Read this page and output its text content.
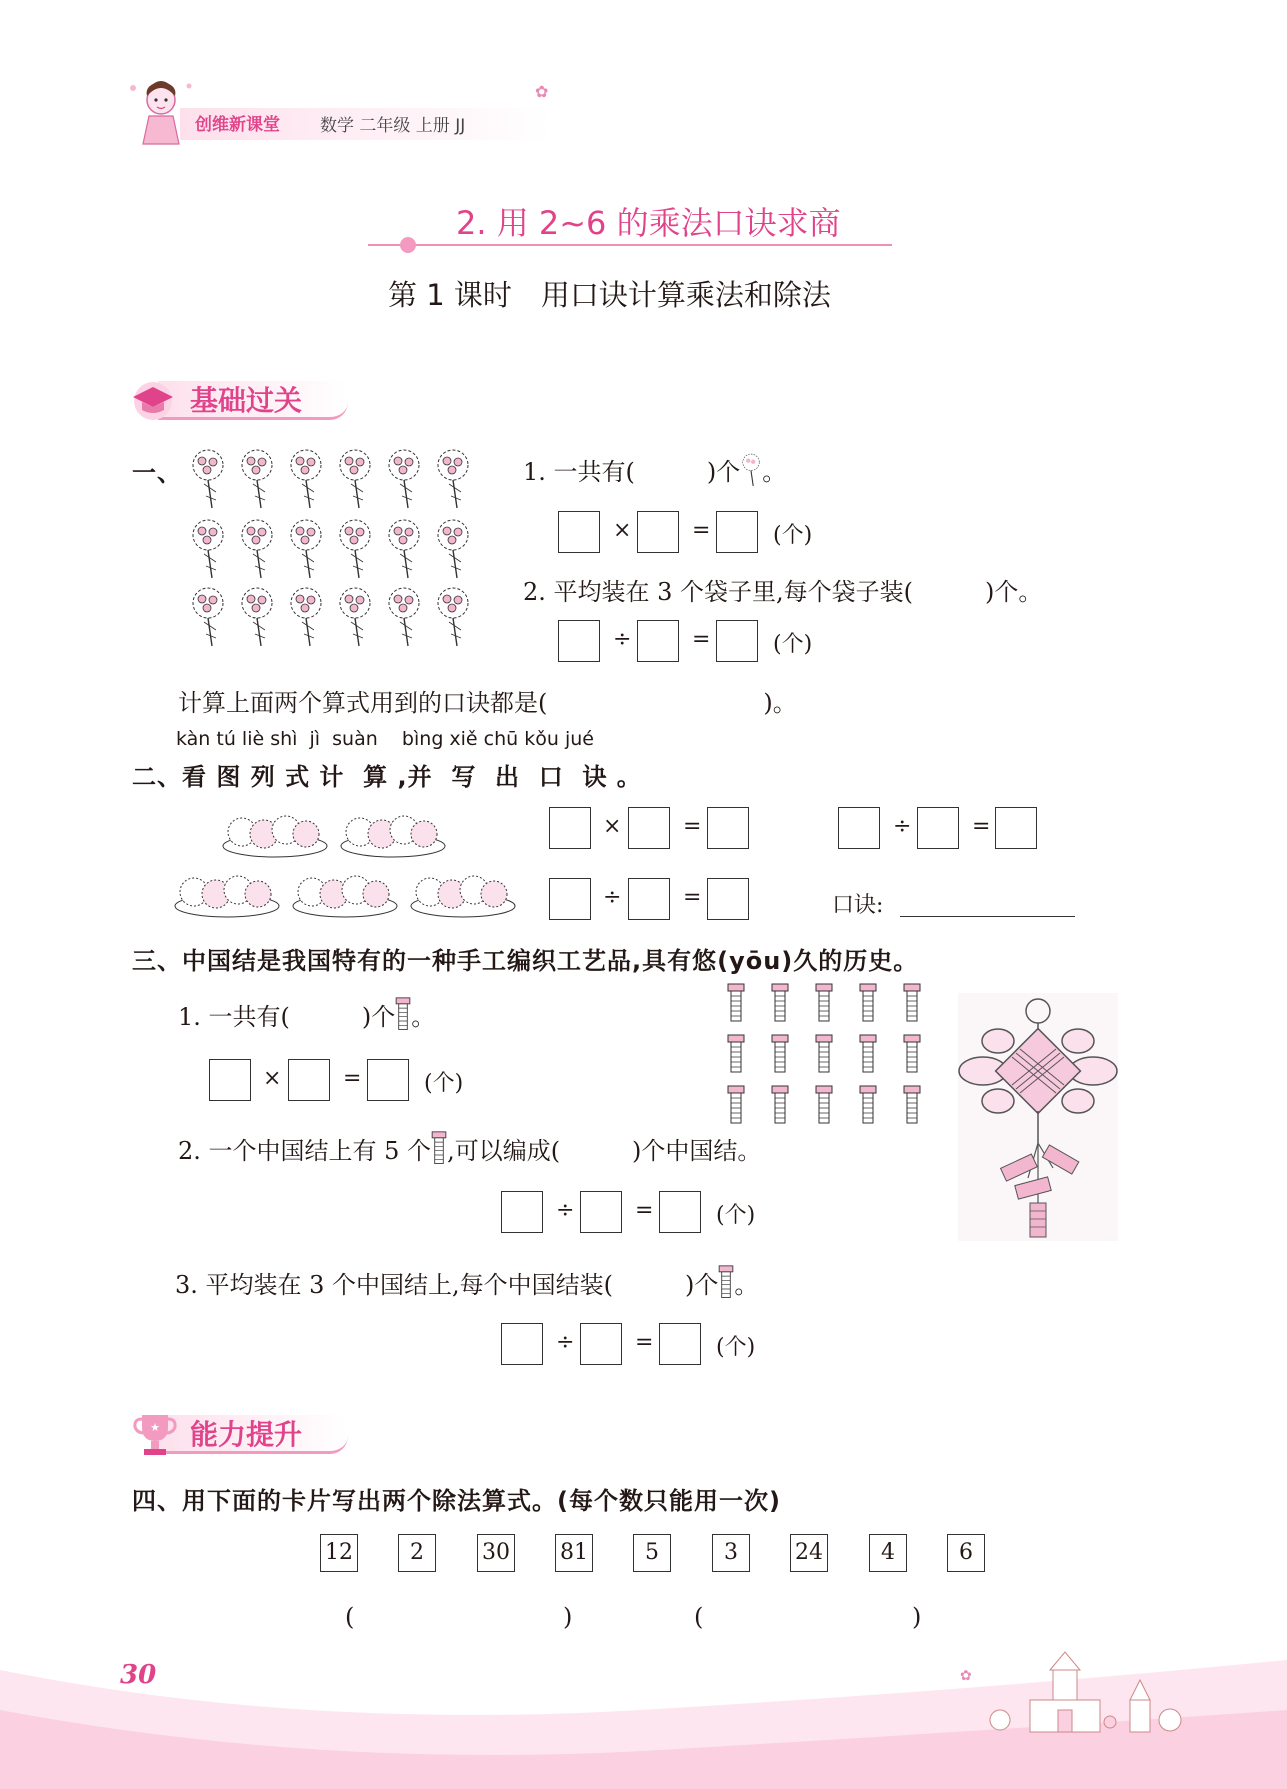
创维新课堂 数学 二年级 上册 JJ
✿
2. 用 2~6 的乘法口诀求商
第 1 课时　用口诀计算乘法和除法
基础过关
一、	1. 一共有(　　　)个 。
×	=	(个)
2. 平均装在 3 个袋子里,每个袋子装(　　　)个。
÷	=	(个)
计算上面两个算式用到的口诀都是(　　　　　　　　　)。
kàn tú liè shì  jì  suàn    bìng xiě chū kǒu jué
二、看 图 列 式 计  算 ,并  写  出  口  诀 。
×	=	÷	=
÷	=	口诀:
三、中国结是我国特有的一种手工编织工艺品,具有悠(yōu)久的历史。
1. 一共有(　　　)个 。
×	=	(个)
2. 一个中国结上有 5 个 ,可以编成(　　　)个中国结。
÷	=	(个)
3. 平均装在 3 个中国结上,每个中国结装(　　　)个 。
÷	=	(个)
★ 能力提升
四、用下面的卡片写出两个除法算式。(每个数只能用一次)
12	2	30 81	5	3	24	4	6
(	)	(	)
30	✿
